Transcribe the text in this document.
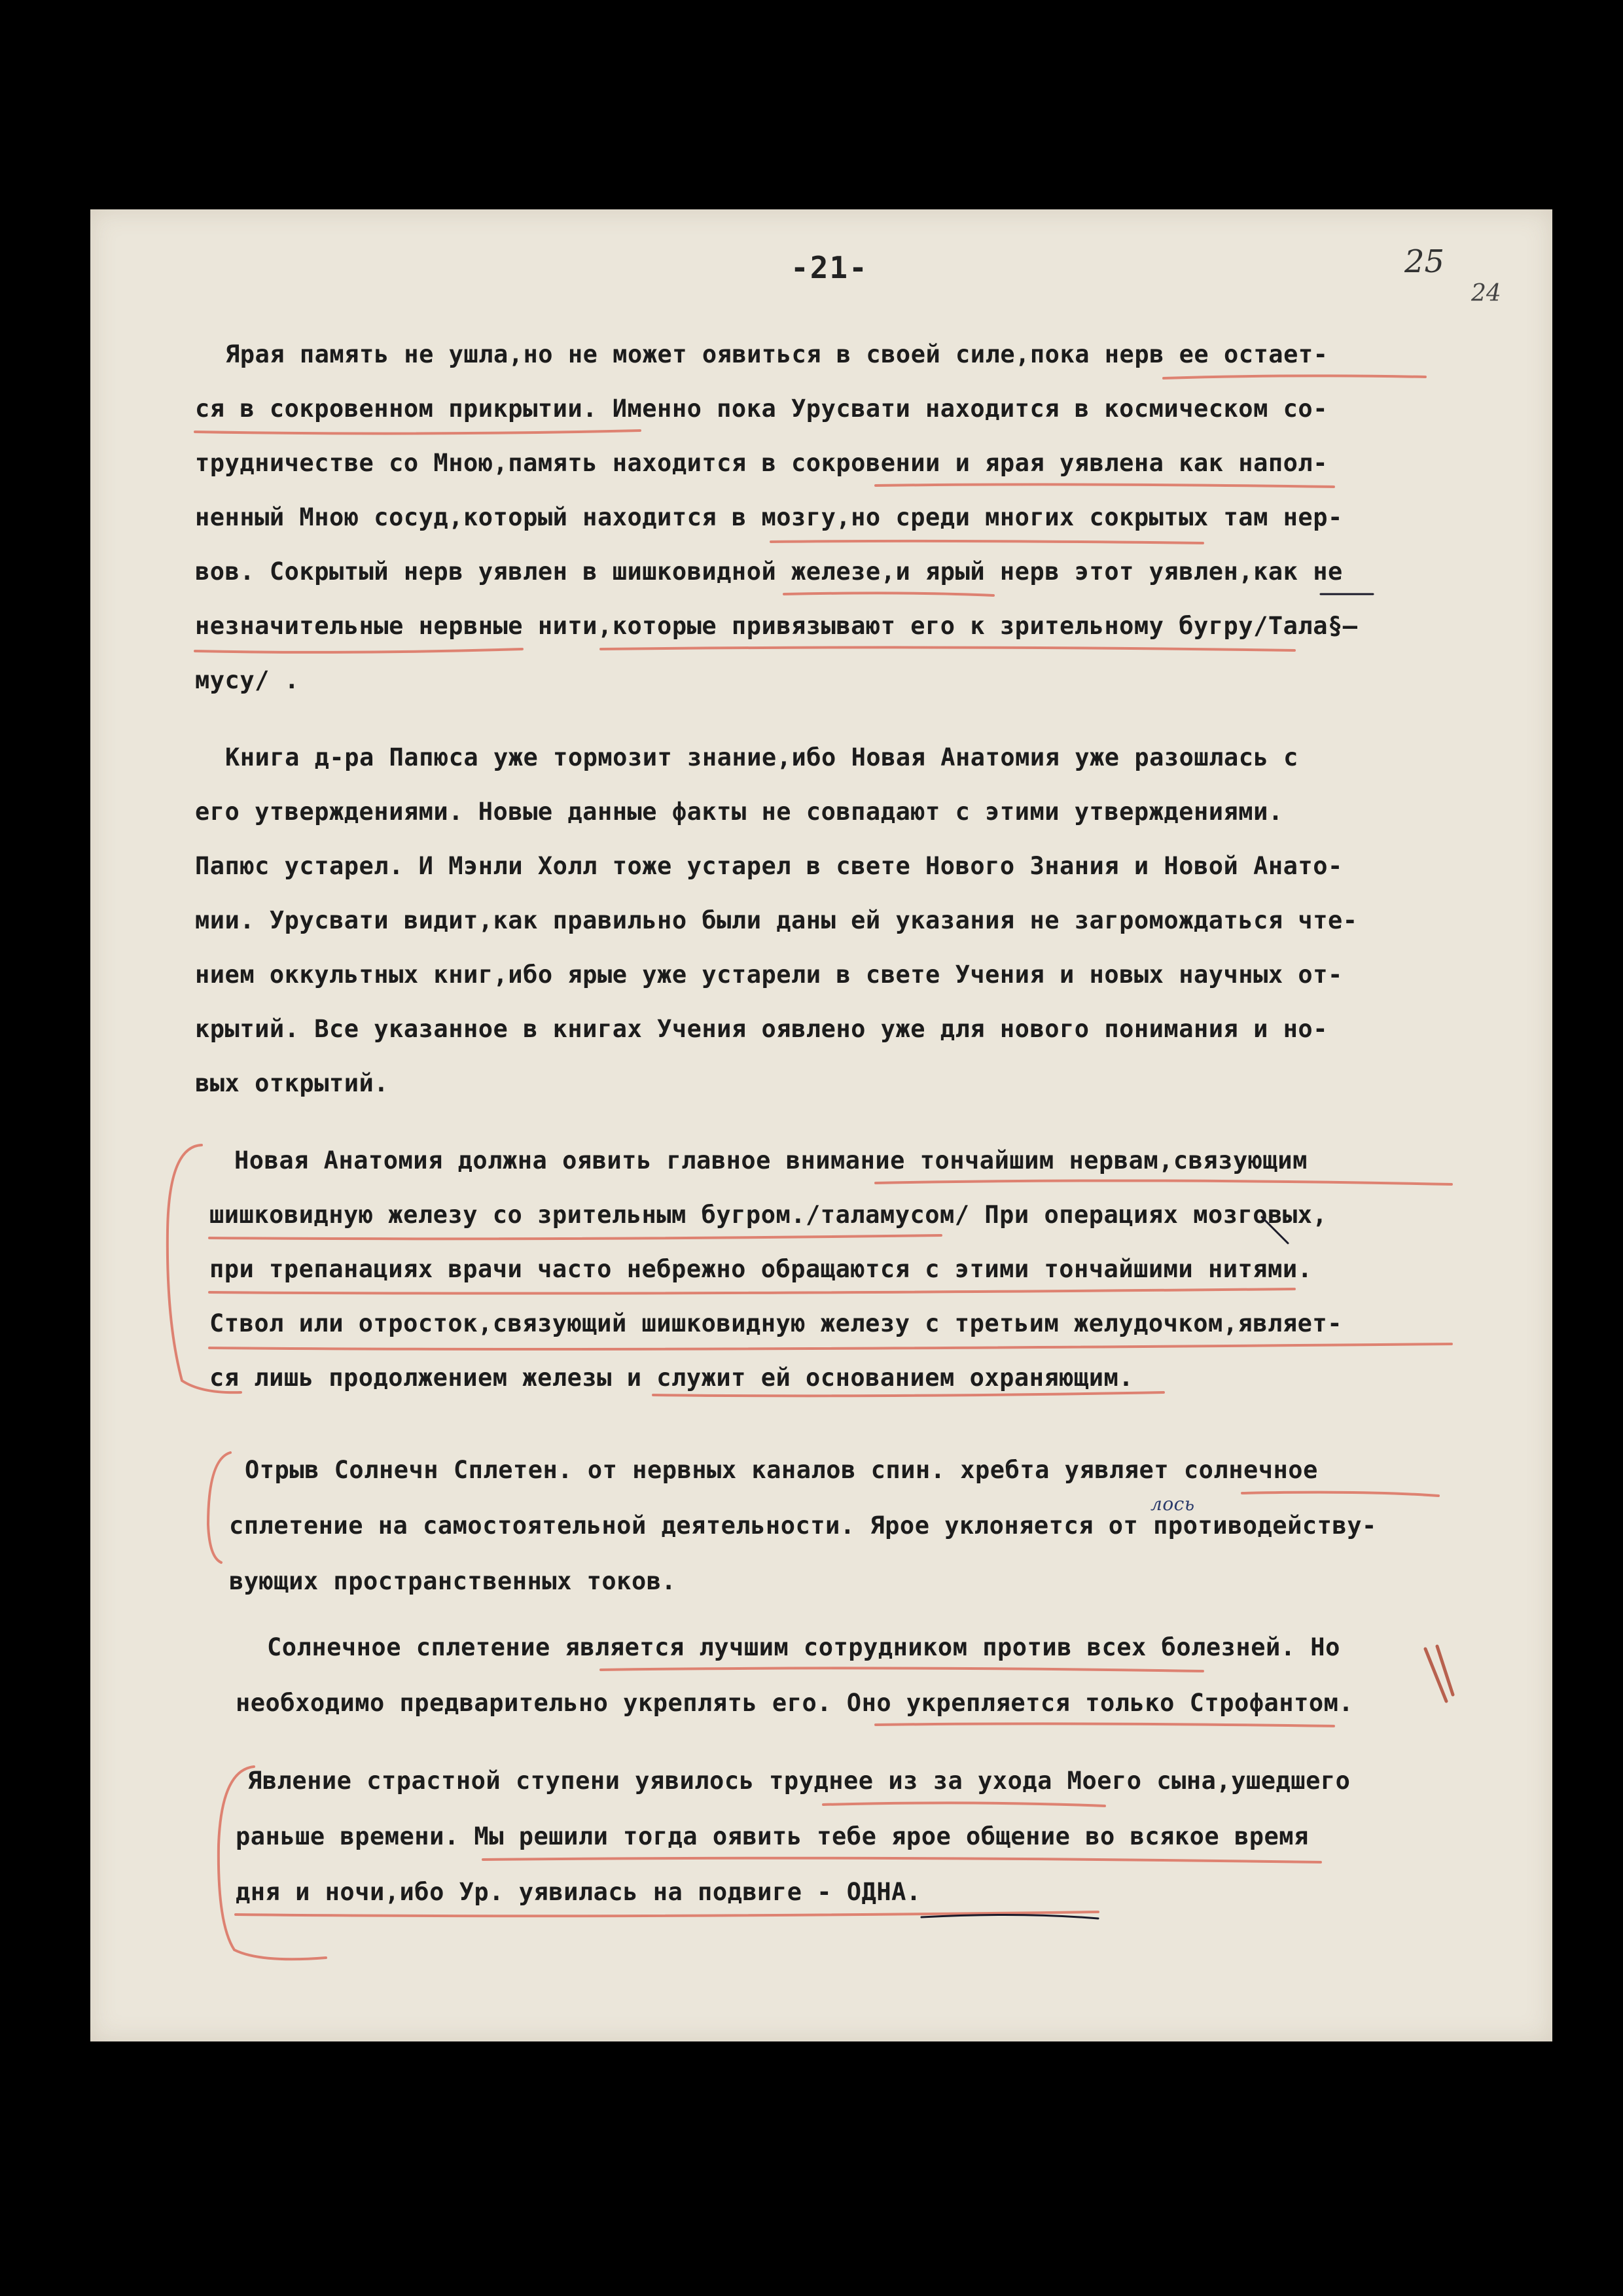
-21-	25
24
Ярая память не ушла,но не может оявиться в своей силе,пока нерв ее остает-
ся в сокровенном прикрытии. Именно пока Урусвати находится в космическом со-
трудничестве со Мною,память находится в сокровении и ярая уявлена как напол-
ненный Мною сосуд,который находится в мозгу,но среди многих сокрытых там нер-
вов. Сокрытый нерв уявлен в шишковидной железе,и ярый нерв этот уявлен,как не
незначительные нервные нити,которые привязывают его к зрительному бугру/Тала§—
мусу/ .
Книга д-ра Папюса уже тормозит знание,ибо Новая Анатомия уже разошлась с
его утверждениями. Новые данные факты не совпадают с этими утверждениями.
Папюс устарел. И Мэнли Холл тоже устарел в свете Нового Знания и Новой Анато-
мии. Урусвати видит,как правильно были даны ей указания не загромождаться чте-
нием оккультных книг,ибо ярые уже устарели в свете Учения и новых научных от-
крытий. Все указанное в книгах Учения оявлено уже для нового понимания и но-
вых открытий.
Новая Анатомия должна оявить главное внимание тончайшим нервам,связующим
шишковидную железу со зрительным бугром./таламусом/ При операциях мозговых,
при трепанациях врачи часто небрежно обращаются с этими тончайшими нитями.
Ствол или отросток,связующий шишковидную железу с третьим желудочком,являет-
ся лишь продолжением железы и служит ей основанием охраняющим.
Отрыв Солнечн Сплетен. от нервных каналов спин. хребта уявляет солнечное
сплетение на самостоятельной деятельности. Ярое уклоняется от противодейству-
вующих пространственных токов.
Солнечное сплетение является лучшим сотрудником против всех болезней. Но
необходимо предварительно укреплять его. Оно укрепляется только Строфантом.
Явление страстной ступени уявилось труднее из за ухода Моего сына,ушедшего
раньше времени. Мы решили тогда оявить тебе ярое общение во всякое время
дня и ночи,ибо Ур. уявилась на подвиге - ОДНА.
лось
